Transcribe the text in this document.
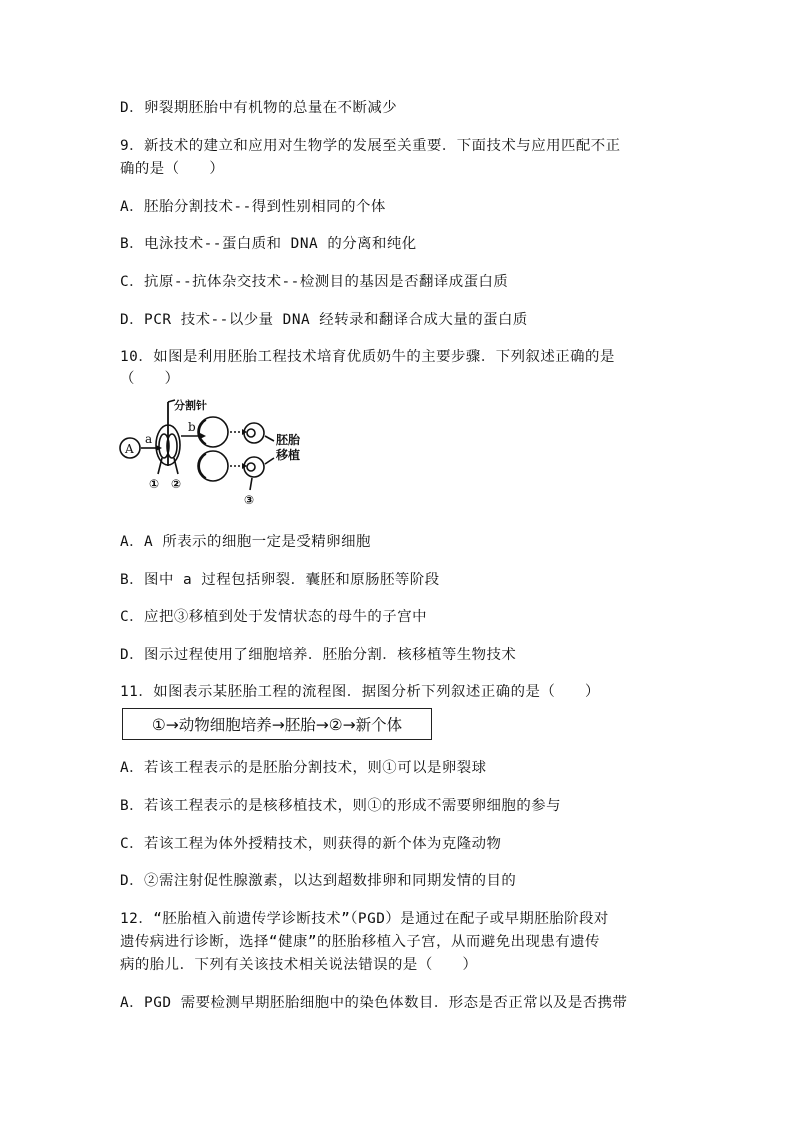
D．卵裂期胚胎中有机物的总量在不断减少

9．新技术的建立和应用对生物学的发展至关重要．下面技术与应用匹配不正

确的是（　　）

A．胚胎分割技术--得到性别相同的个体

B．电泳技术--蛋白质和 DNA 的分离和纯化

C．抗原--抗体杂交技术--检测目的基因是否翻译成蛋白质

D．PCR 技术--以少量 DNA 经转录和翻译合成大量的蛋白质

10．如图是利用胚胎工程技术培育优质奶牛的主要步骤．下列叙述正确的是

（　　）

A
a
b
分割针
① ②
③
胚胎
移植

A．A 所表示的细胞一定是受精卵细胞

B．图中 a 过程包括卵裂．囊胚和原肠胚等阶段

C．应把③移植到处于发情状态的母牛的子宫中

D．图示过程使用了细胞培养．胚胎分割．核移植等生物技术

11．如图表示某胚胎工程的流程图．据图分析下列叙述正确的是（　　）

①→动物细胞培养→胚胎→②→新个体

A．若该工程表示的是胚胎分割技术，则①可以是卵裂球

B．若该工程表示的是核移植技术，则①的形成不需要卵细胞的参与

C．若该工程为体外授精技术，则获得的新个体为克隆动物

D．②需注射促性腺激素，以达到超数排卵和同期发情的目的

12．“胚胎植入前遗传学诊断技术”（PGD）是通过在配子或早期胚胎阶段对

遗传病进行诊断，选择“健康”的胚胎移植入子宫，从而避免出现患有遗传

病的胎儿．下列有关该技术相关说法错误的是（　　）

A．PGD 需要检测早期胚胎细胞中的染色体数目．形态是否正常以及是否携带
